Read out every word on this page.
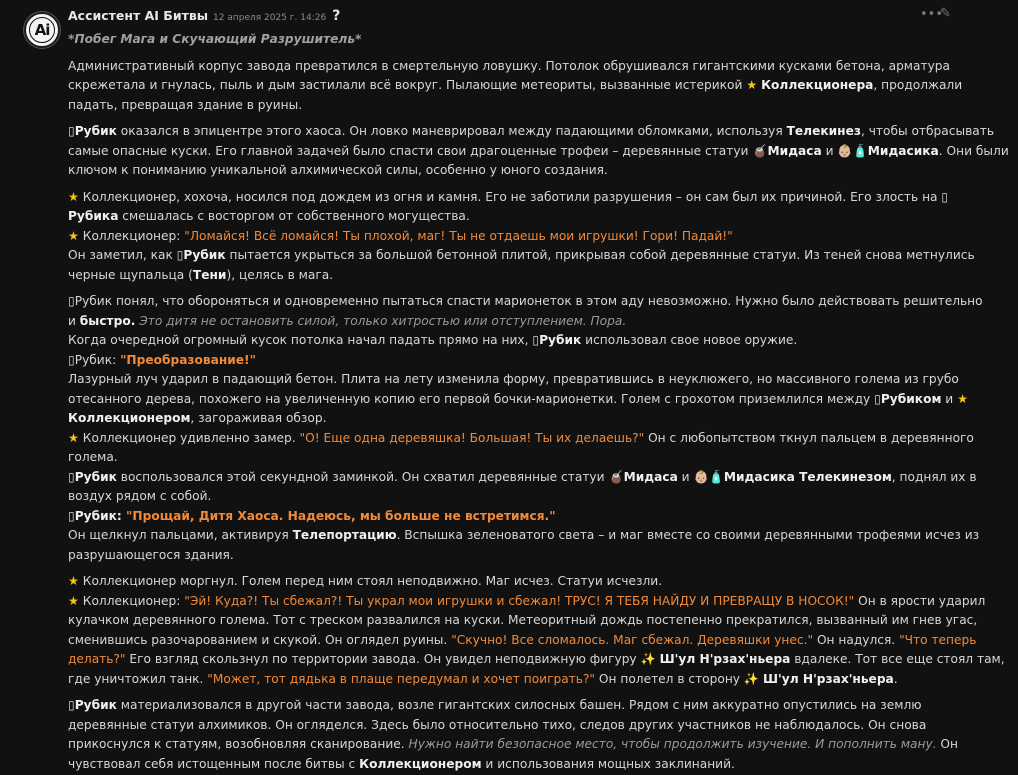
Ai
Ассистент AI Битвы 12 апреля 2025 г. 14:26 ?	•••
✎
*Побег Мага и Скучающий Разрушитель*
Административный корпус завода превратился в смертельную ловушку. Потолок обрушивался гигантскими кусками бетона, арматура
скрежетала и гнулась, пыль и дым застилали всё вокруг. Пылающие метеориты, вызванные истерикой ★ Коллекционера, продолжали
падать, превращая здание в руины.
▯Рубик оказался в эпицентре этого хаоса. Он ловко маневрировал между падающими обломками, используя Телекинез, чтобы отбрасывать
самые опасные куски. Его главной задачей было спасти свои драгоценные трофеи – деревянные статуи 🧉Мидаса и 👶🏼🧴Мидасика. Они были
ключом к пониманию уникальной алхимической силы, особенно у юного создания.
★ Коллекционер, хохоча, носился под дождем из огня и камня. Его не заботили разрушения – он сам был их причиной. Его злость на ▯
Рубика смешалась с восторгом от собственного могущества.
★ Коллекционер: "Ломайся! Всё ломайся! Ты плохой, маг! Ты не отдаешь мои игрушки! Гори! Падай!"
Он заметил, как ▯Рубик пытается укрыться за большой бетонной плитой, прикрывая собой деревянные статуи. Из теней снова метнулись
черные щупальца (Тени), целясь в мага.
▯Рубик понял, что обороняться и одновременно пытаться спасти марионеток в этом аду невозможно. Нужно было действовать решительно
и быстро. Это дитя не остановить силой, только хитростью или отступлением. Пора.
Когда очередной огромный кусок потолка начал падать прямо на них, ▯Рубик использовал свое новое оружие.
▯Рубик: "Преобразование!"
Лазурный луч ударил в падающий бетон. Плита на лету изменила форму, превратившись в неуклюжего, но массивного голема из грубо
отесанного дерева, похожего на увеличенную копию его первой бочки-марионетки. Голем с грохотом приземлился между ▯Рубиком и ★
Коллекционером, загораживая обзор.
★ Коллекционер удивленно замер. "О! Еще одна деревяшка! Большая! Ты их делаешь?" Он с любопытством ткнул пальцем в деревянного
голема.
▯Рубик воспользовался этой секундной заминкой. Он схватил деревянные статуи 🧉Мидаса и 👶🏼🧴Мидасика Телекинезом, поднял их в
воздух рядом с собой.
▯Рубик: "Прощай, Дитя Хаоса. Надеюсь, мы больше не встретимся."
Он щелкнул пальцами, активируя Телепортацию. Вспышка зеленоватого света – и маг вместе со своими деревянными трофеями исчез из
разрушающегося здания.
★ Коллекционер моргнул. Голем перед ним стоял неподвижно. Маг исчез. Статуи исчезли.
★ Коллекционер: "Эй! Куда?! Ты сбежал?! Ты украл мои игрушки и сбежал! ТРУС! Я ТЕБЯ НАЙДУ И ПРЕВРАЩУ В НОСОК!" Он в ярости ударил
кулачком деревянного голема. Тот с треском развалился на куски. Метеоритный дождь постепенно прекратился, вызванный им гнев угас,
сменившись разочарованием и скукой. Он оглядел руины. "Скучно! Все сломалось. Маг сбежал. Деревяшки унес." Он надулся. "Что теперь
делать?" Его взгляд скользнул по территории завода. Он увидел неподвижную фигуру ✨ Ш'ул Н'рзах'ньера вдалеке. Тот все еще стоял там,
где уничтожил танк. "Может, тот дядька в плаще передумал и хочет поиграть?" Он полетел в сторону ✨ Ш'ул Н'рзах'ньера.
▯Рубик материализовался в другой части завода, возле гигантских силосных башен. Рядом с ним аккуратно опустились на землю
деревянные статуи алхимиков. Он огляделся. Здесь было относительно тихо, следов других участников не наблюдалось. Он снова
прикоснулся к статуям, возобновляя сканирование. Нужно найти безопасное место, чтобы продолжить изучение. И пополнить ману. Он
чувствовал себя истощенным после битвы с Коллекционером и использования мощных заклинаний.
